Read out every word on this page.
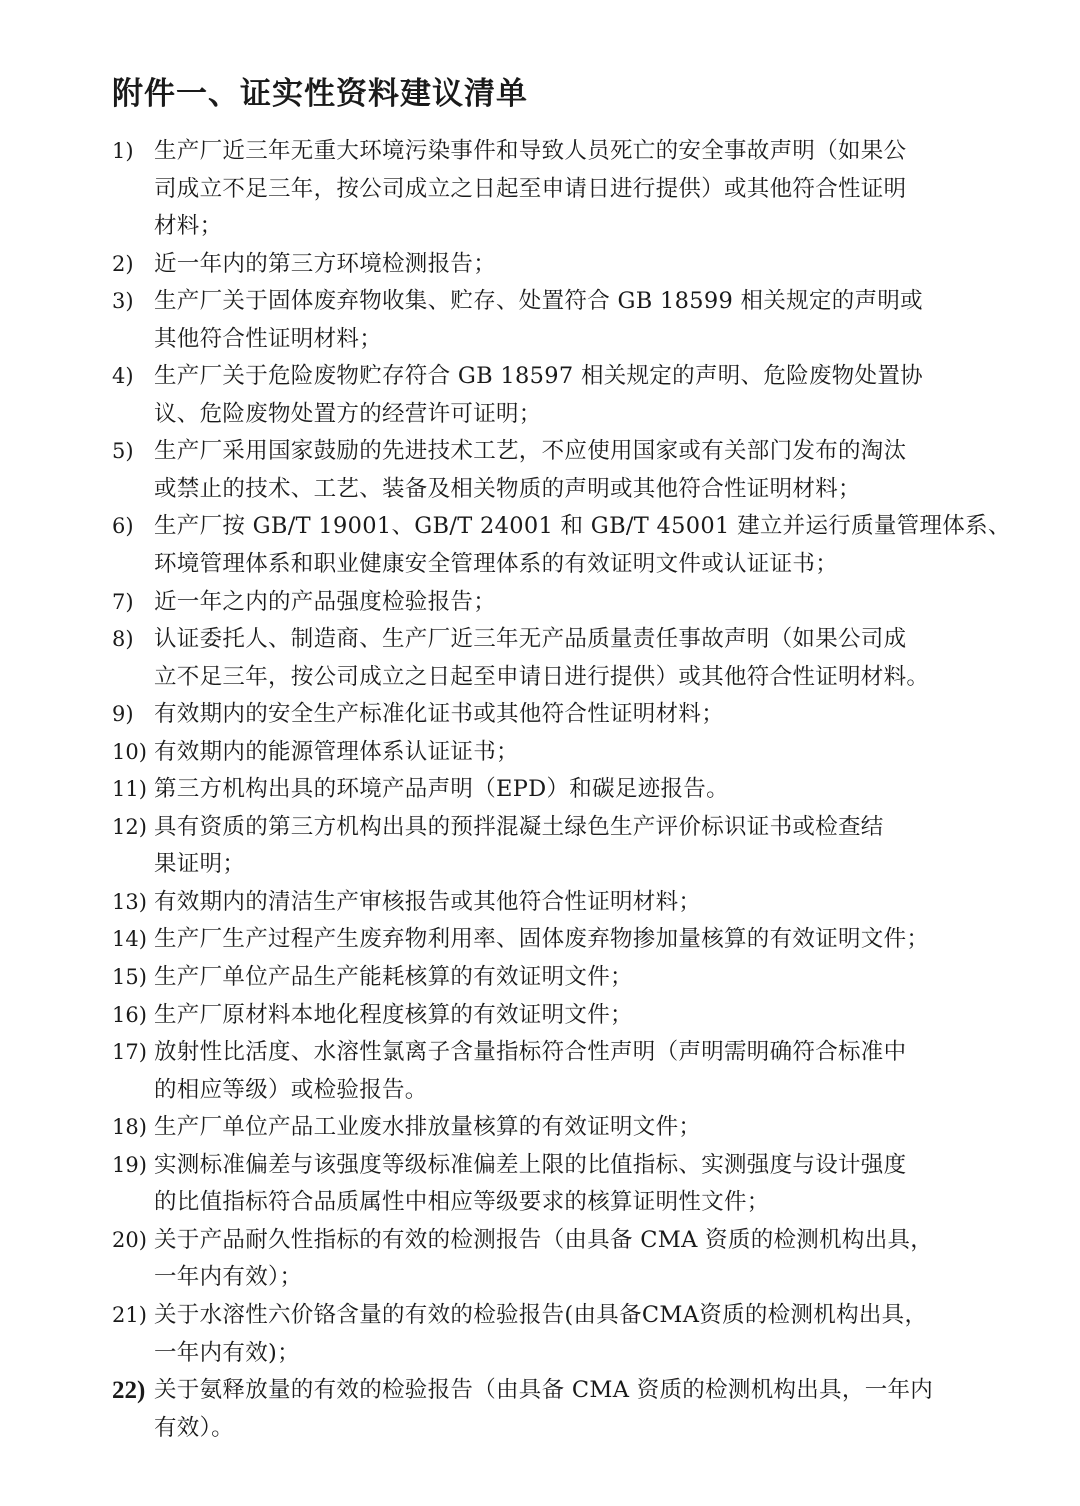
附件一、证实性资料建议清单
1) 生产厂近三年无重大环境污染事件和导致人员死亡的安全事故声明（如果公
司成立不足三年，按公司成立之日起至申请日进行提供）或其他符合性证明
材料；
2) 近一年内的第三方环境检测报告；
3) 生产厂关于固体废弃物收集、贮存、处置符合 GB 18599 相关规定的声明或
其他符合性证明材料；
4) 生产厂关于危险废物贮存符合 GB 18597 相关规定的声明、危险废物处置协
议、危险废物处置方的经营许可证明；
5) 生产厂采用国家鼓励的先进技术工艺，不应使用国家或有关部门发布的淘汰
或禁止的技术、工艺、装备及相关物质的声明或其他符合性证明材料；
6) 生产厂按 GB/T 19001、GB/T 24001 和 GB/T 45001 建立并运行质量管理体系、
环境管理体系和职业健康安全管理体系的有效证明文件或认证证书；
7) 近一年之内的产品强度检验报告；
8) 认证委托人、制造商、生产厂近三年无产品质量责任事故声明（如果公司成
立不足三年，按公司成立之日起至申请日进行提供）或其他符合性证明材料。
9) 有效期内的安全生产标准化证书或其他符合性证明材料；
10) 有效期内的能源管理体系认证证书；
11) 第三方机构出具的环境产品声明（EPD）和碳足迹报告。
12) 具有资质的第三方机构出具的预拌混凝土绿色生产评价标识证书或检查结
果证明；
13) 有效期内的清洁生产审核报告或其他符合性证明材料；
14) 生产厂生产过程产生废弃物利用率、固体废弃物掺加量核算的有效证明文件；
15) 生产厂单位产品生产能耗核算的有效证明文件；
16) 生产厂原材料本地化程度核算的有效证明文件；
17) 放射性比活度、水溶性氯离子含量指标符合性声明（声明需明确符合标准中
的相应等级）或检验报告。
18) 生产厂单位产品工业废水排放量核算的有效证明文件；
19) 实测标准偏差与该强度等级标准偏差上限的比值指标、实测强度与设计强度
的比值指标符合品质属性中相应等级要求的核算证明性文件；
20) 关于产品耐久性指标的有效的检测报告（由具备 CMA 资质的检测机构出具，
一年内有效）；
21) 关于水溶性六价铬含量的有效的检验报告(由具备CMA资质的检测机构出具，
一年内有效)；
22) 关于氨释放量的有效的检验报告（由具备 CMA 资质的检测机构出具，一年内
有效）。
